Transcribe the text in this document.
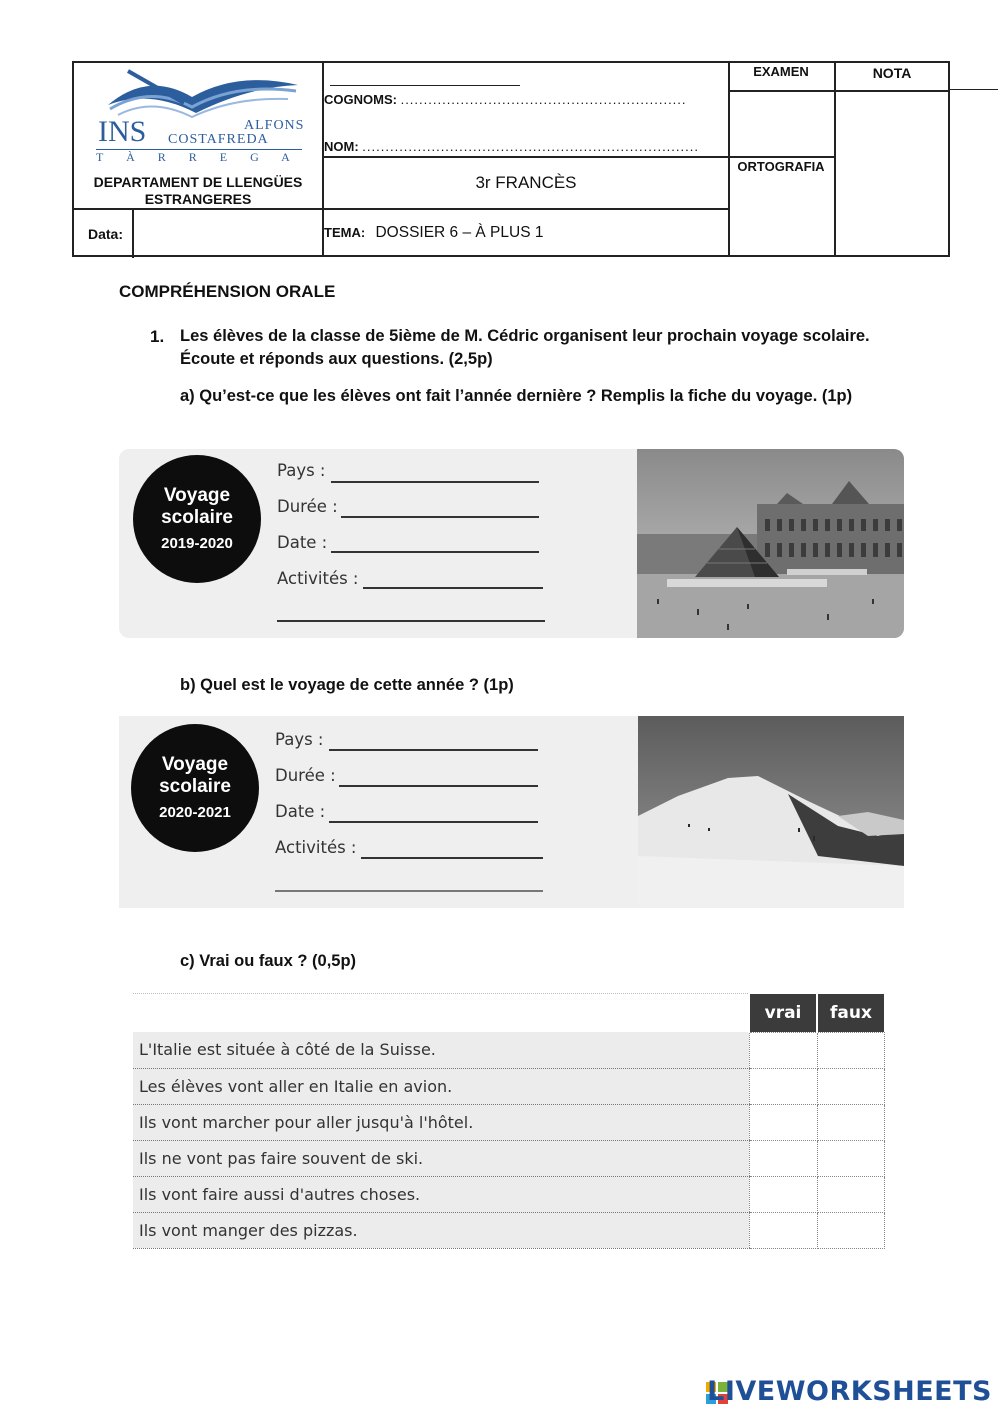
INS	ALFONS
COSTAFREDA
T À R R E G A
DEPARTAMENT DE LLENGÜES ESTRANGERES
COGNOMS: ..............................................................
NOM: .........................................................................
3r FRANCÈS
EXAMEN	NOTA
ORTOGRAFIA
Data:	TEMA: DOSSIER 6 – À PLUS 1
COMPRÉHENSION ORALE
1. Les élèves de la classe de 5ième de M. Cédric organisent leur prochain voyage scolaire. Écoute et réponds aux questions. (2,5p)
a) Qu’est-ce que les élèves ont fait l’année dernière ? Remplis la fiche du voyage. (1p)
Voyage
scolaire
2019-2020
Pays :
Durée :
Date :
Activités :
b) Quel est le voyage de cette année ? (1p)
Voyage
scolaire
2020-2021
Pays :
Durée :
Date :
Activités :
c) Vrai ou faux ? (0,5p)
	vrai	faux
L'Italie est située à côté de la Suisse.		
Les élèves vont aller en Italie en avion.		
Ils vont marcher pour aller jusqu'à l'hôtel.		
Ils ne vont pas faire souvent de ski.		
Ils vont faire aussi d'autres choses.		
Ils vont manger des pizzas.		
LIVEWORKSHEETS
